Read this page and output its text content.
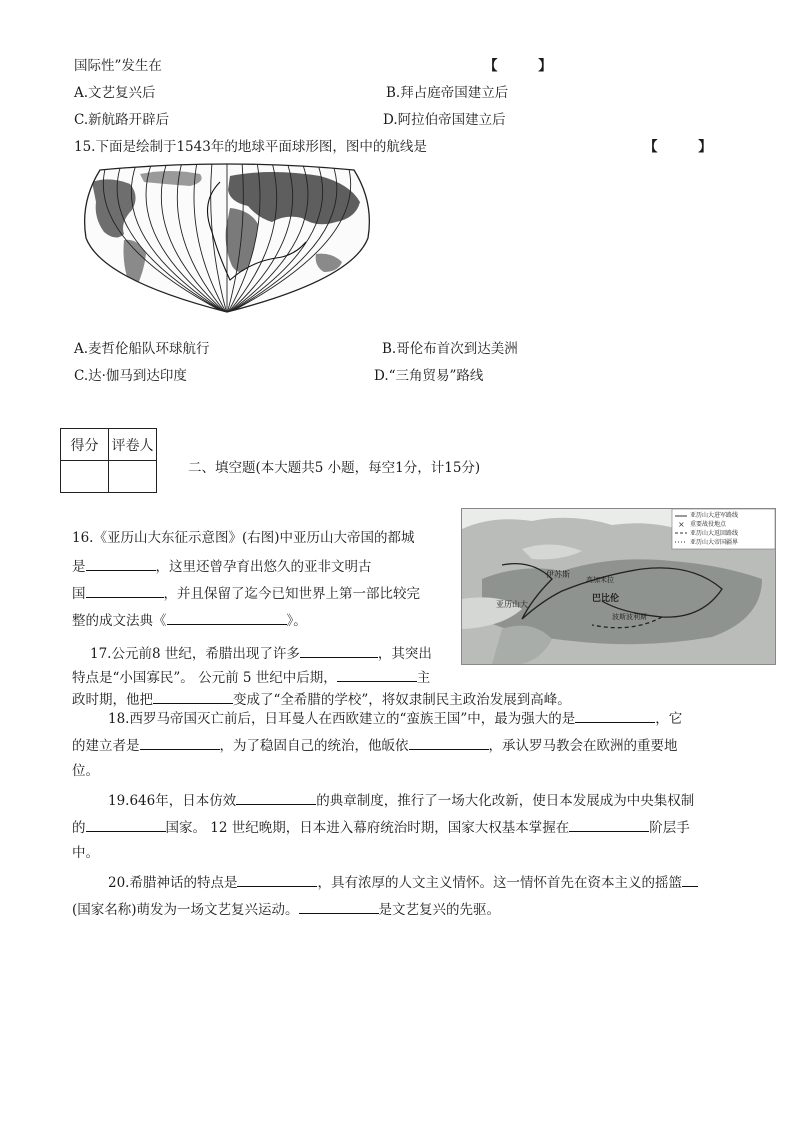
国际性”发生在	【 】
A.文艺复兴后	B.拜占庭帝国建立后
C.新航路开辟后	D.阿拉伯帝国建立后
15.下面是绘制于1543年的地球平面球形图，图中的航线是	【 】
A.麦哲伦船队环球航行	B.哥伦布首次到达美洲
C.达·伽马到达印度	D.“三角贸易”路线
得分	评卷人

二、填空题(本大题共5 小题，每空1分，计15分)
×
亚历山大进军路线
重要战役地点
亚历山大返回路线
亚历山大帝国疆界
伊苏斯
高加米拉
巴比伦
亚历山大
波斯波利斯
16.《亚历山大东征示意图》(右图)中亚历山大帝国的都城
是	，这里还曾孕育出悠久的亚非文明古
国	，并且保留了迄今已知世界上第一部比较完
整的成文法典《	》。
17.公元前8 世纪，希腊出现了许多	，其突出
特点是“小国寡民”。 公元前 5 世纪中后期，	主
政时期，他把	变成了“全希腊的学校”，将奴隶制民主政治发展到高峰。
18.西罗马帝国灭亡前后，日耳曼人在西欧建立的“蛮族王国”中，最为强大的是	，它
的建立者是	，为了稳固自己的统治，他皈依	，承认罗马教会在欧洲的重要地
位。
19.646年，日本仿效	的典章制度，推行了一场大化改新，使日本发展成为中央集权制
的	国家。 12 世纪晚期，日本进入幕府统治时期，国家大权基本掌握在	阶层手
中。
20.希腊神话的特点是	，具有浓厚的人文主义情怀。这一情怀首先在资本主义的摇篮
(国家名称)萌发为一场文艺复兴运动。	是文艺复兴的先驱。
